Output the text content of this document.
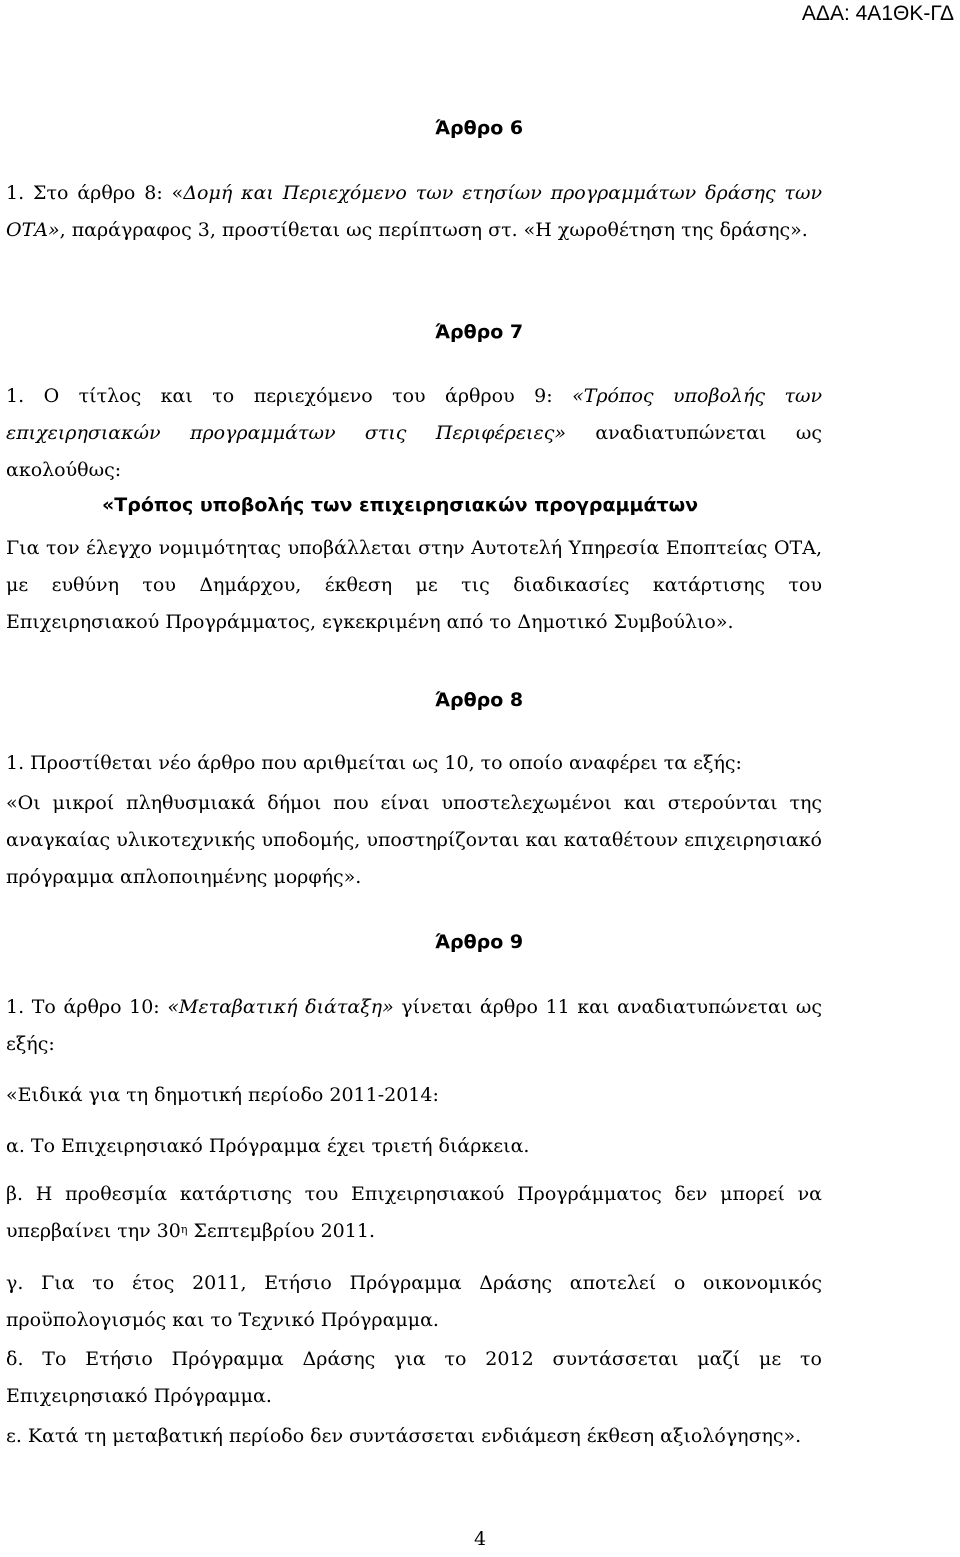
ΑΔΑ: 4Α1ΘΚ-ΓΔ
Άρθρο 6
1. Στο άρθρο 8: «Δομή και Περιεχόμενο των ετησίων προγραμμάτων δράσης των ΟΤΑ», παράγραφος 3, προστίθεται ως περίπτωση στ. «Η χωροθέτηση της δράσης».
Άρθρο 7
1. Ο τίτλος και το περιεχόμενο του άρθρου 9: «Τρόπος υποβολής των επιχειρησιακών προγραμμάτων στις Περιφέρειες» αναδιατυπώνεται ως ακολούθως:
«Τρόπος υποβολής των επιχειρησιακών προγραμμάτων
Για τον έλεγχο νομιμότητας υποβάλλεται στην Αυτοτελή Υπηρεσία Εποπτείας ΟΤΑ, με ευθύνη του Δημάρχου, έκθεση με τις διαδικασίες κατάρτισης του Επιχειρησιακού Προγράμματος, εγκεκριμένη από το Δημοτικό Συμβούλιο».
Άρθρο 8
1. Προστίθεται νέο άρθρο που αριθμείται ως 10, το οποίο αναφέρει τα εξής:
«Οι μικροί πληθυσμιακά δήμοι που είναι υποστελεχωμένοι και στερούνται της αναγκαίας υλικοτεχνικής υποδομής, υποστηρίζονται και καταθέτουν επιχειρησιακό πρόγραμμα απλοποιημένης μορφής».
Άρθρο 9
1. Το άρθρο 10: «Μεταβατική διάταξη» γίνεται άρθρο 11 και αναδιατυπώνεται ως εξής:
«Ειδικά για τη δημοτική περίοδο 2011-2014:
α. Το Επιχειρησιακό Πρόγραμμα έχει τριετή διάρκεια.
β. Η προθεσμία κατάρτισης του Επιχειρησιακού Προγράμματος δεν μπορεί να υπερβαίνει την $30^\eta$ Σεπτεμβρίου 2011.
γ. Για το έτος 2011, Ετήσιο Πρόγραμμα Δράσης αποτελεί ο οικονομικός προϋπολογισμός και το Τεχνικό Πρόγραμμα.
δ. Το Ετήσιο Πρόγραμμα Δράσης για το 2012 συντάσσεται μαζί με το Επιχειρησιακό Πρόγραμμα.
ε. Κατά τη μεταβατική περίοδο δεν συντάσσεται ενδιάμεση έκθεση αξιολόγησης».
4
